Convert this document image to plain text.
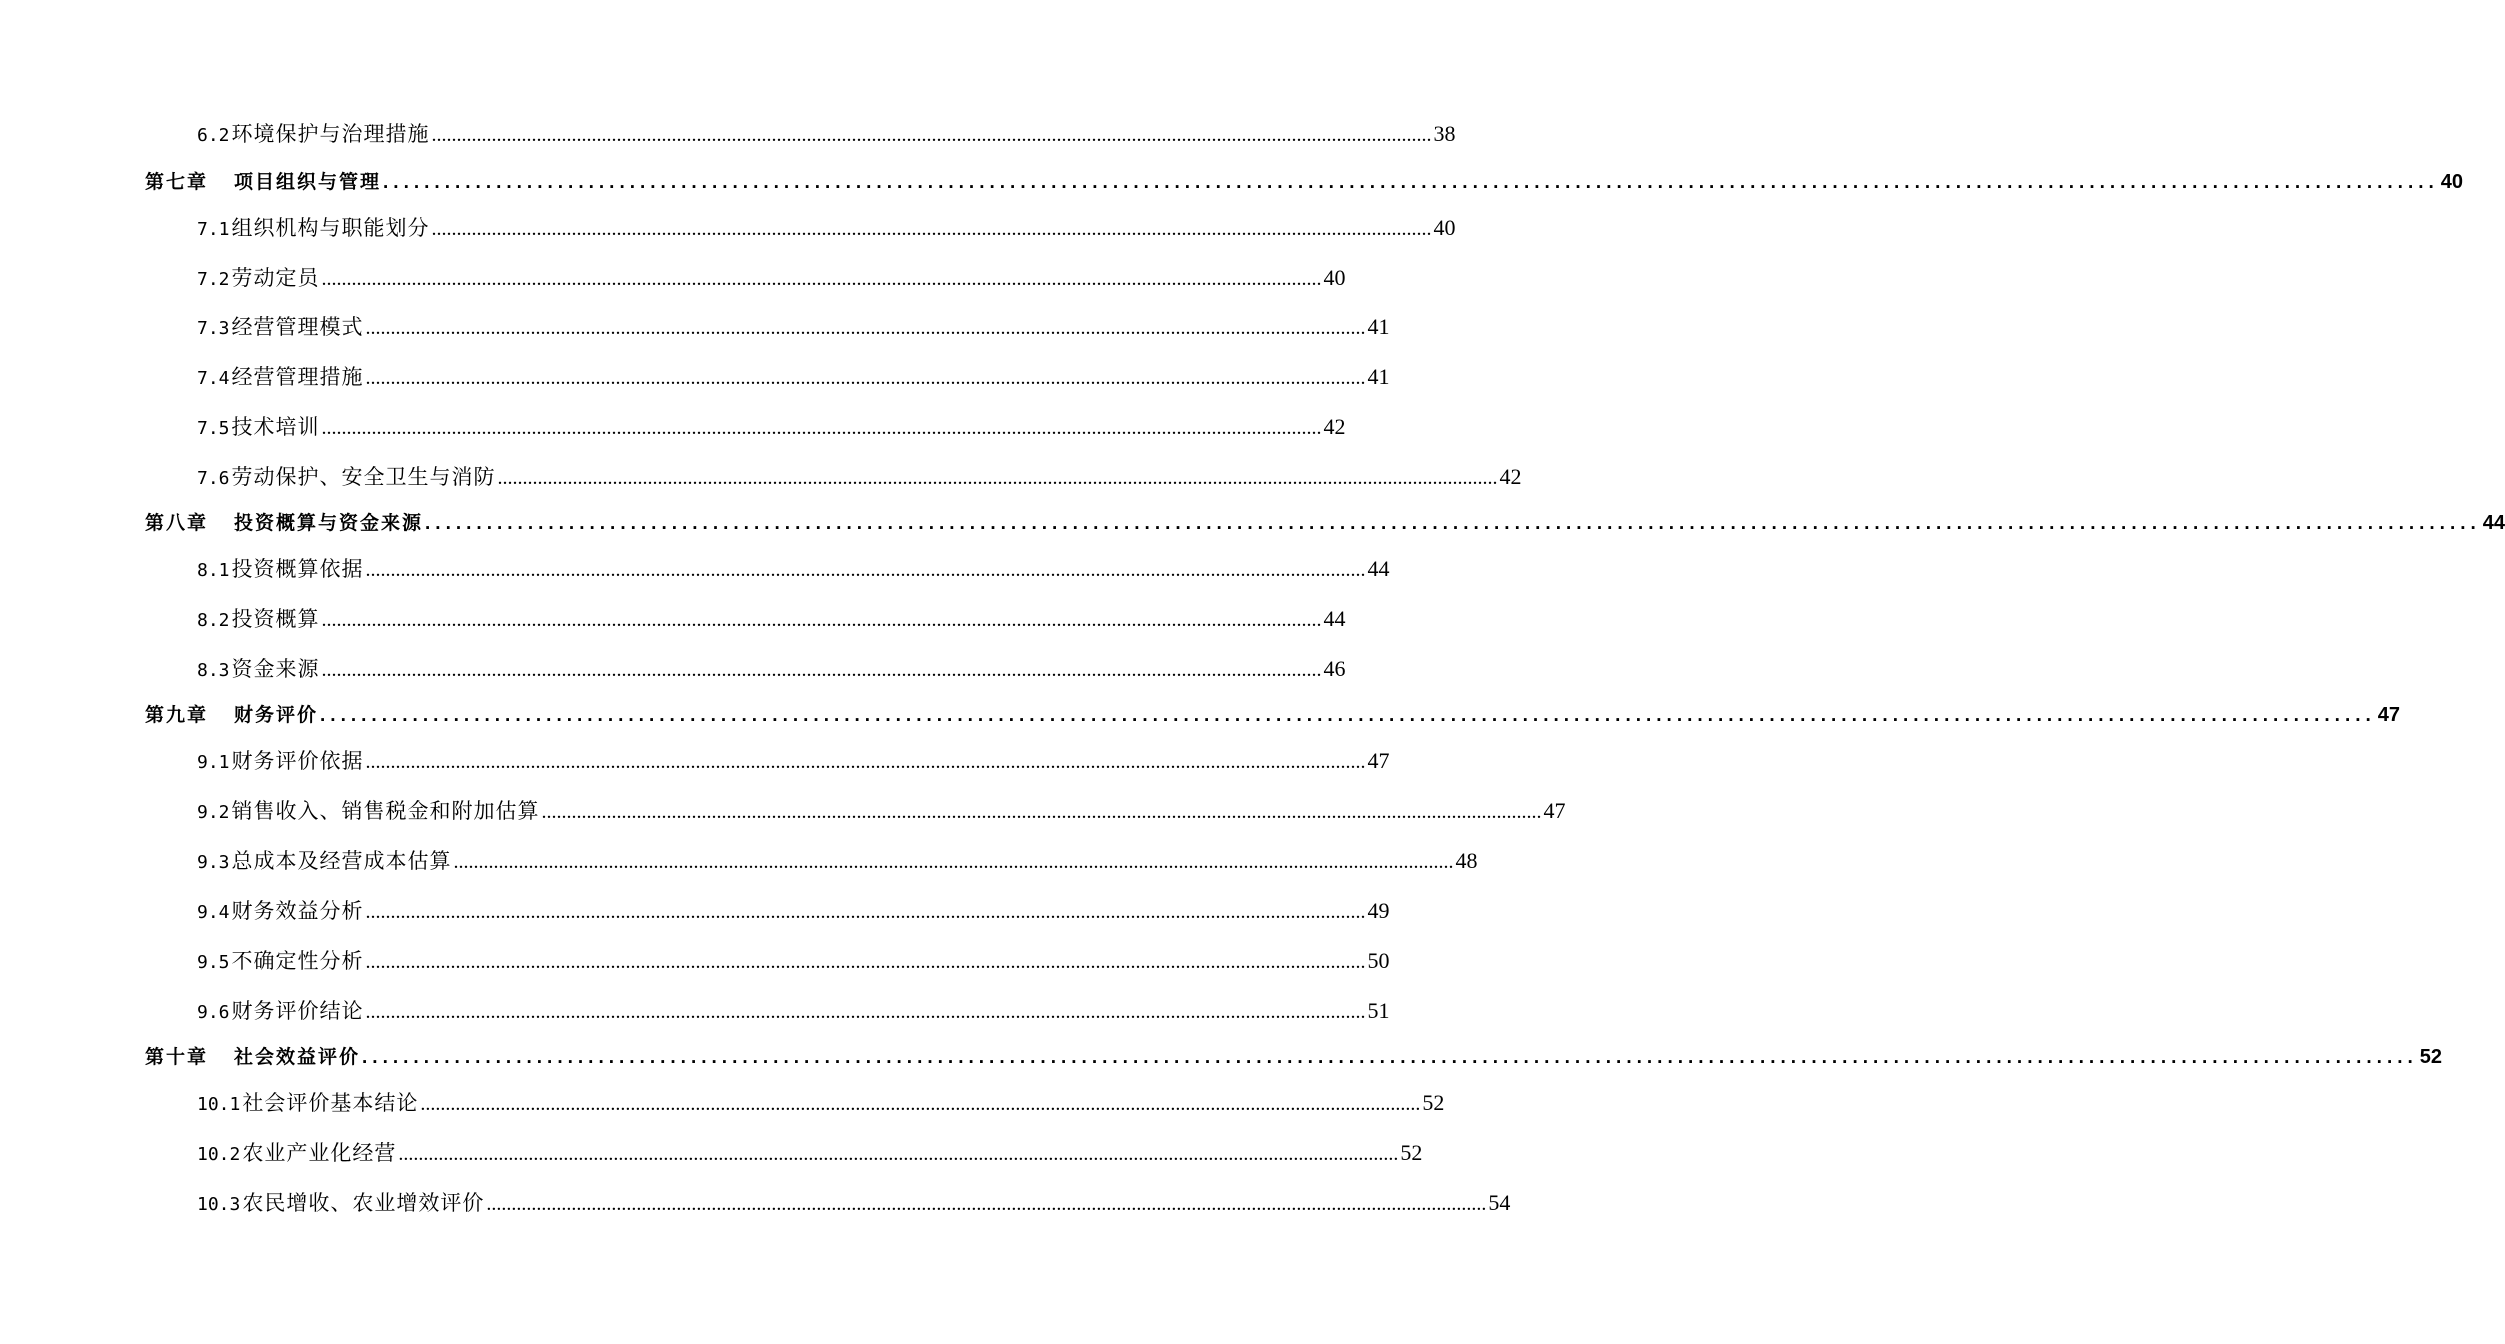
6.2 环境保护与治理措施 ........................................................................................................................................................................................................ 38
第七章 项目组织与管理 ........................................................................................................................................................................................................ 40
7.1 组织机构与职能划分 ........................................................................................................................................................................................................ 40
7.2 劳动定员 ........................................................................................................................................................................................................ 40
7.3 经营管理模式 ........................................................................................................................................................................................................ 41
7.4 经营管理措施 ........................................................................................................................................................................................................ 41
7.5 技术培训 ........................................................................................................................................................................................................ 42
7.6 劳动保护、安全卫生与消防 ........................................................................................................................................................................................................ 42
第八章 投资概算与资金来源 ........................................................................................................................................................................................................ 44
8.1 投资概算依据 ........................................................................................................................................................................................................ 44
8.2 投资概算 ........................................................................................................................................................................................................ 44
8.3 资金来源 ........................................................................................................................................................................................................ 46
第九章 财务评价 ........................................................................................................................................................................................................ 47
9.1 财务评价依据 ........................................................................................................................................................................................................ 47
9.2 销售收入、销售税金和附加估算 ........................................................................................................................................................................................................ 47
9.3 总成本及经营成本估算 ........................................................................................................................................................................................................ 48
9.4 财务效益分析 ........................................................................................................................................................................................................ 49
9.5 不确定性分析 ........................................................................................................................................................................................................ 50
9.6 财务评价结论 ........................................................................................................................................................................................................ 51
第十章 社会效益评价 ........................................................................................................................................................................................................ 52
10.1 社会评价基本结论 ........................................................................................................................................................................................................ 52
10.2 农业产业化经营 ........................................................................................................................................................................................................ 52
10.3 农民增收、农业增效评价 ........................................................................................................................................................................................................ 54
